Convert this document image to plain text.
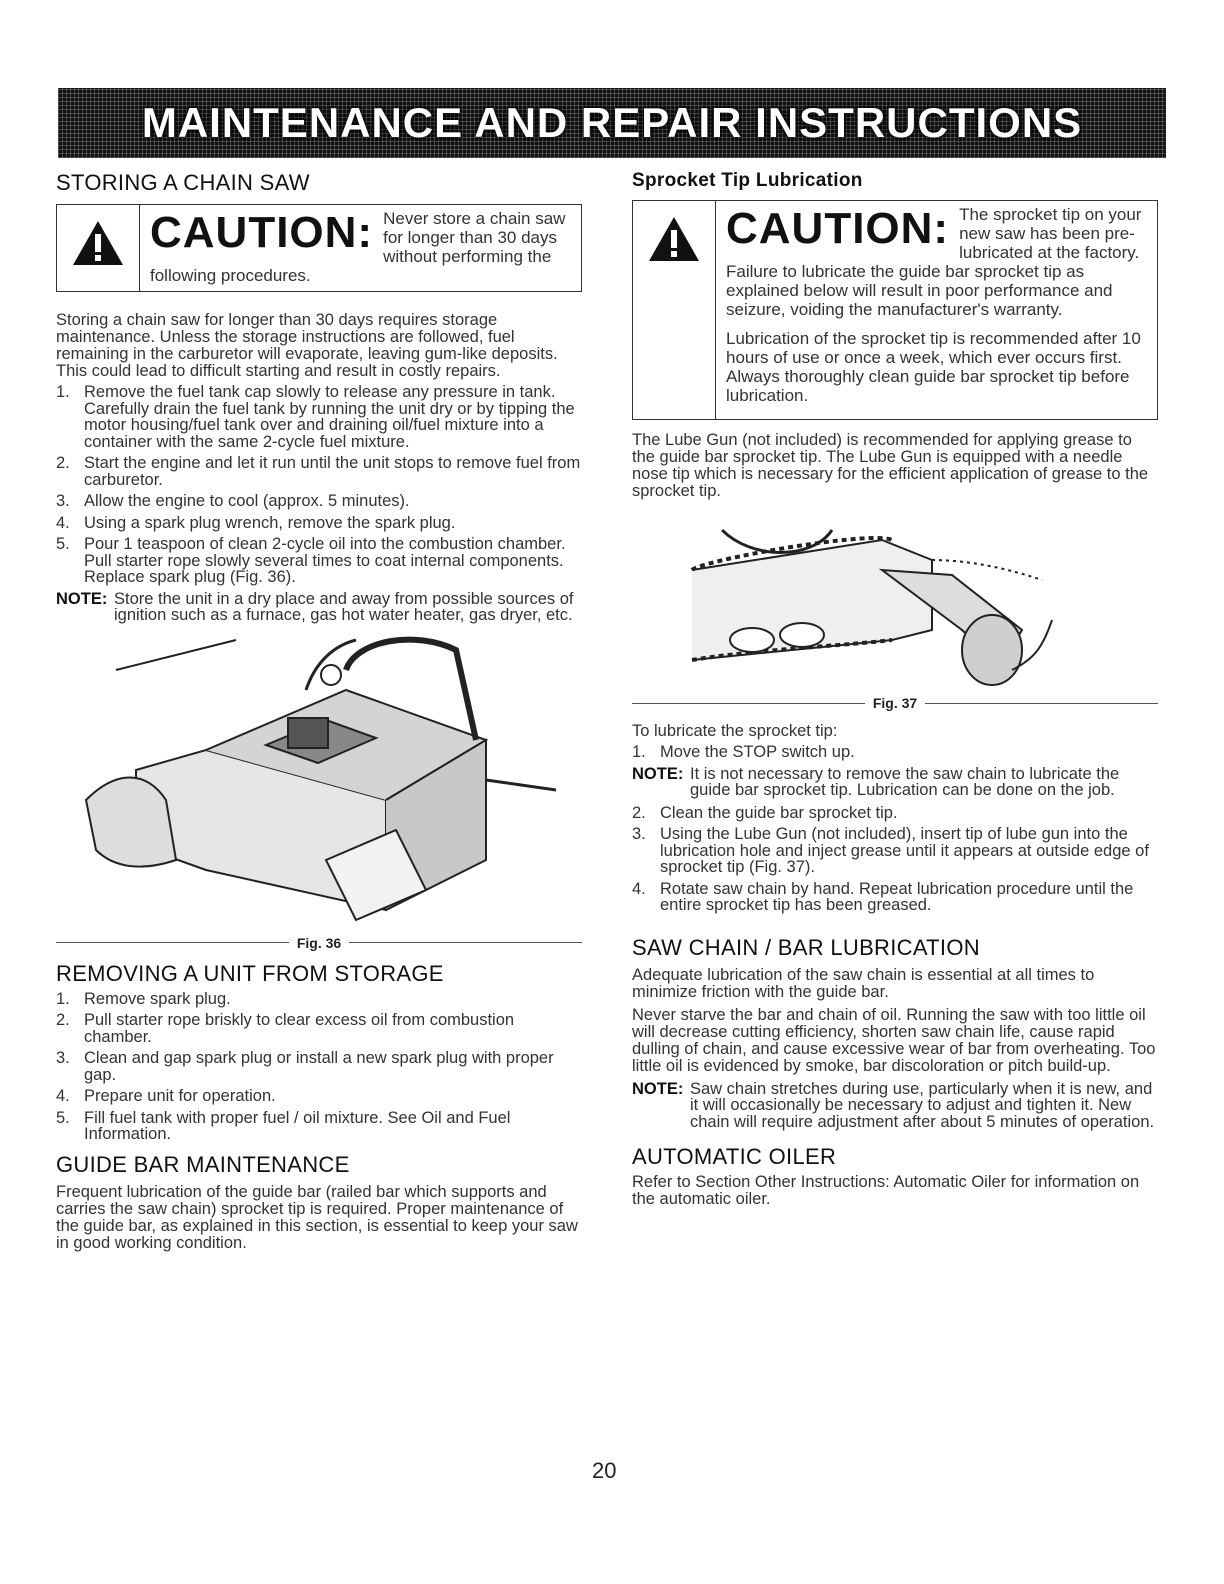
MAINTENANCE AND REPAIR INSTRUCTIONS
STORING A CHAIN SAW
CAUTION: Never store a chain saw for longer than 30 days without performing the following procedures.

Storing a chain saw for longer than 30 days requires storage maintenance. Unless the storage instructions are followed, fuel remaining in the carburetor will evaporate, leaving gum-like deposits. This could lead to difficult starting and result in costly repairs.

1. Remove the fuel tank cap slowly to release any pressure in tank. Carefully drain the fuel tank by running the unit dry or by tipping the motor housing/fuel tank over and draining oil/fuel mixture into a container with the same 2-cycle fuel mixture.
2. Start the engine and let it run until the unit stops to remove fuel from carburetor.
3. Allow the engine to cool (approx. 5 minutes).
4. Using a spark plug wrench, remove the spark plug.
5. Pour 1 teaspoon of clean 2-cycle oil into the combustion chamber. Pull starter rope slowly several times to coat internal components. Replace spark plug (Fig. 36).
NOTE: Store the unit in a dry place and away from possible sources of ignition such as a furnace, gas hot water heater, gas dryer, etc.
Fig. 36
REMOVING A UNIT FROM STORAGE
1. Remove spark plug.
2. Pull starter rope briskly to clear excess oil from combustion chamber.
3. Clean and gap spark plug or install a new spark plug with proper gap.
4. Prepare unit for operation.
5. Fill fuel tank with proper fuel / oil mixture. See Oil and Fuel Information.
GUIDE BAR MAINTENANCE

Frequent lubrication of the guide bar (railed bar which supports and carries the saw chain) sprocket tip is required. Proper maintenance of the guide bar, as explained in this section, is essential to keep your saw in good working condition.

Sprocket Tip Lubrication
CAUTION: The sprocket tip on your new saw has been pre-lubricated at the factory. Failure to lubricate the guide bar sprocket tip as explained below will result in poor performance and seizure, voiding the manufacturer's warranty.

Lubrication of the sprocket tip is recommended after 10 hours of use or once a week, which ever occurs first. Always thoroughly clean guide bar sprocket tip before lubrication.

The Lube Gun (not included) is recommended for applying grease to the guide bar sprocket tip. The Lube Gun is equipped with a needle nose tip which is necessary for the efficient application of grease to the sprocket tip.

Fig. 37

To lubricate the sprocket tip:

1. Move the STOP switch up.
NOTE: It is not necessary to remove the saw chain to lubricate the guide bar sprocket tip. Lubrication can be done on the job.
2. Clean the guide bar sprocket tip.
3. Using the Lube Gun (not included), insert tip of lube gun into the lubrication hole and inject grease until it appears at outside edge of sprocket tip (Fig. 37).
4. Rotate saw chain by hand. Repeat lubrication procedure until the entire sprocket tip has been greased.
SAW CHAIN / BAR LUBRICATION

Adequate lubrication of the saw chain is essential at all times to minimize friction with the guide bar.

Never starve the bar and chain of oil. Running the saw with too little oil will decrease cutting efficiency, shorten saw chain life, cause rapid dulling of chain, and cause excessive wear of bar from overheating. Too little oil is evidenced by smoke, bar discoloration or pitch build-up.

NOTE: Saw chain stretches during use, particularly when it is new, and it will occasionally be necessary to adjust and tighten it. New chain will require adjustment after about 5 minutes of operation.
AUTOMATIC OILER

Refer to Section Other Instructions: Automatic Oiler for information on the automatic oiler.

20
